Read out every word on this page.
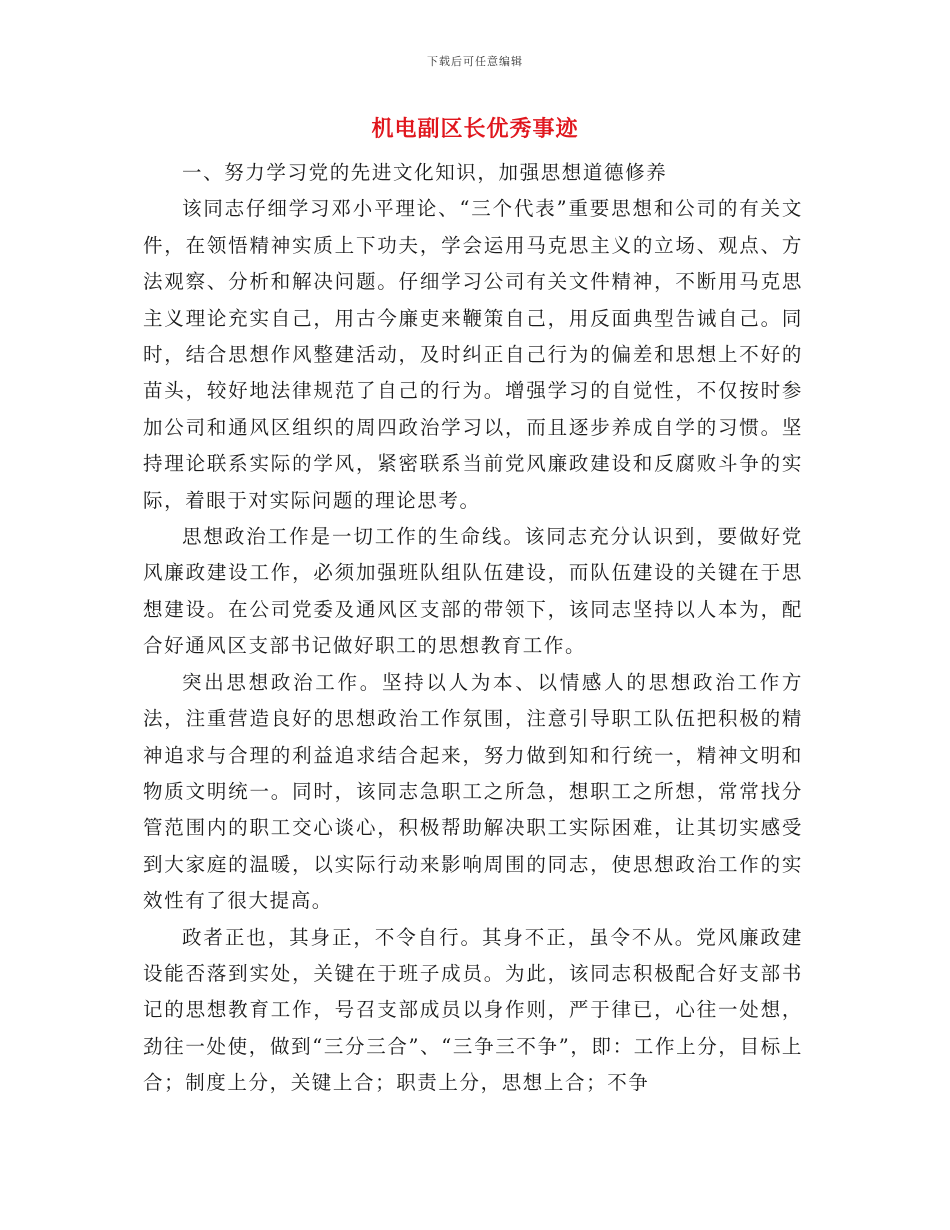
下载后可任意编辑
机电副区长优秀事迹

一、努力学习党的先进文化知识，加强思想道德修养

该同志仔细学习邓小平理论、“三个代表”重要思想和公司的有关文件，在领悟精神实质上下功夫，学会运用马克思主义的立场、观点、方法观察、分析和解决问题。仔细学习公司有关文件精神，不断用马克思主义理论充实自己，用古今廉吏来鞭策自己，用反面典型告诫自己。同时，结合思想作风整建活动，及时纠正自己行为的偏差和思想上不好的苗头，较好地法律规范了自己的行为。增强学习的自觉性，不仅按时参加公司和通风区组织的周四政治学习以，而且逐步养成自学的习惯。坚持理论联系实际的学风，紧密联系当前党风廉政建设和反腐败斗争的实际，着眼于对实际问题的理论思考。

思想政治工作是一切工作的生命线。该同志充分认识到，要做好党风廉政建设工作，必须加强班队组队伍建设，而队伍建设的关键在于思想建设。在公司党委及通风区支部的带领下，该同志坚持以人本为，配合好通风区支部书记做好职工的思想教育工作。

突出思想政治工作。坚持以人为本、以情感人的思想政治工作方法，注重营造良好的思想政治工作氛围，注意引导职工队伍把积极的精神追求与合理的利益追求结合起来，努力做到知和行统一，精神文明和物质文明统一。同时，该同志急职工之所急，想职工之所想，常常找分管范围内的职工交心谈心，积极帮助解决职工实际困难，让其切实感受到大家庭的温暖，以实际行动来影响周围的同志，使思想政治工作的实效性有了很大提高。

政者正也，其身正，不令自行。其身不正，虽令不从。党风廉政建设能否落到实处，关键在于班子成员。为此，该同志积极配合好支部书记的思想教育工作，号召支部成员以身作则，严于律已，心往一处想，劲往一处使，做到“三分三合”、“三争三不争”，即：工作上分，目标上合；制度上分，关键上合；职责上分，思想上合；不争
